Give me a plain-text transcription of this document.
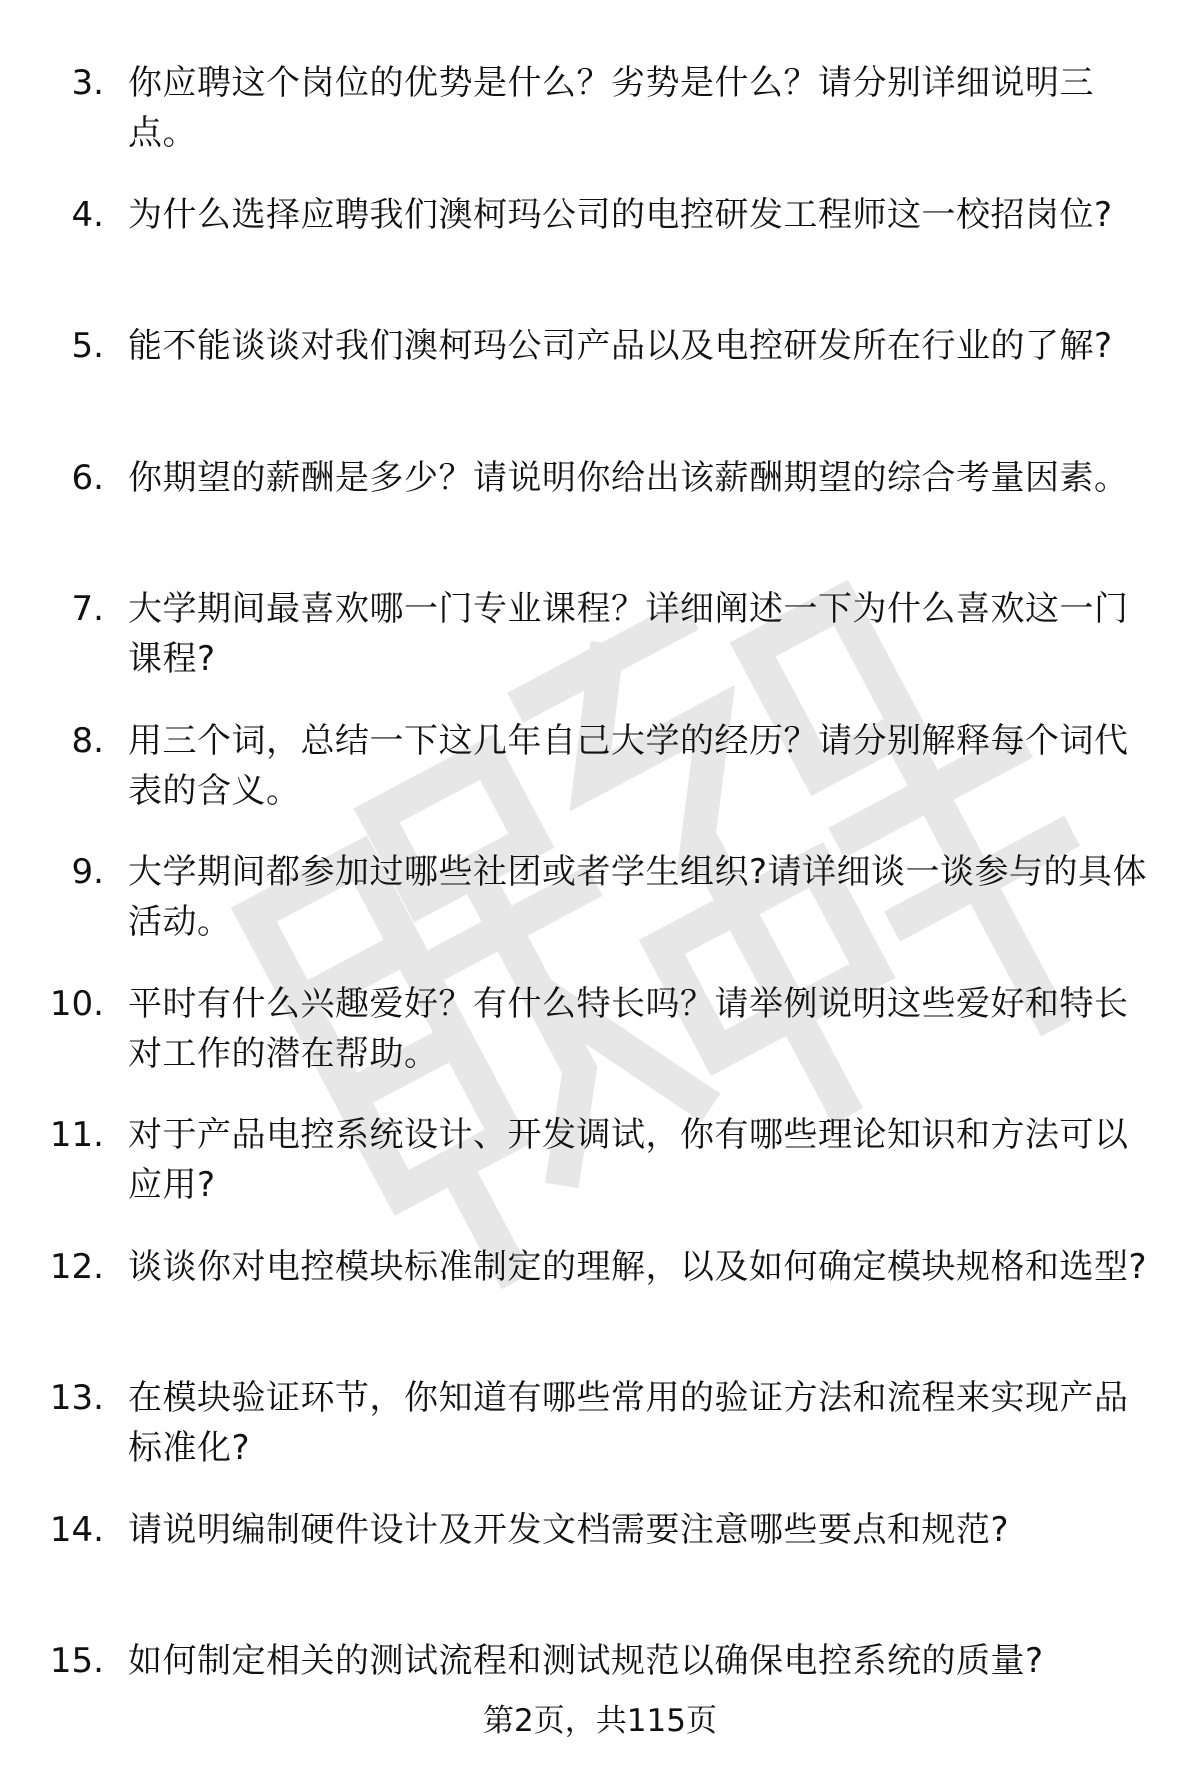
3. 你应聘这个岗位的优势是什么？劣势是什么？请分别详细说明三点。
4. 为什么选择应聘我们澳柯玛公司的电控研发工程师这一校招岗位?
5. 能不能谈谈对我们澳柯玛公司产品以及电控研发所在行业的了解?
6. 你期望的薪酬是多少？请说明你给出该薪酬期望的综合考量因素。
7. 大学期间最喜欢哪一门专业课程？详细阐述一下为什么喜欢这一门课程?
8. 用三个词，总结一下这几年自己大学的经历？请分别解释每个词代表的含义。
9. 大学期间都参加过哪些社团或者学生组织?请详细谈一谈参与的具体活动。
10. 平时有什么兴趣爱好？有什么特长吗？请举例说明这些爱好和特长对工作的潜在帮助。
11. 对于产品电控系统设计、开发调试，你有哪些理论知识和方法可以应用?
12. 谈谈你对电控模块标准制定的理解，以及如何确定模块规格和选型?
13. 在模块验证环节，你知道有哪些常用的验证方法和流程来实现产品标准化?
14. 请说明编制硬件设计及开发文档需要注意哪些要点和规范?
15. 如何制定相关的测试流程和测试规范以确保电控系统的质量?
第2页，共115页
